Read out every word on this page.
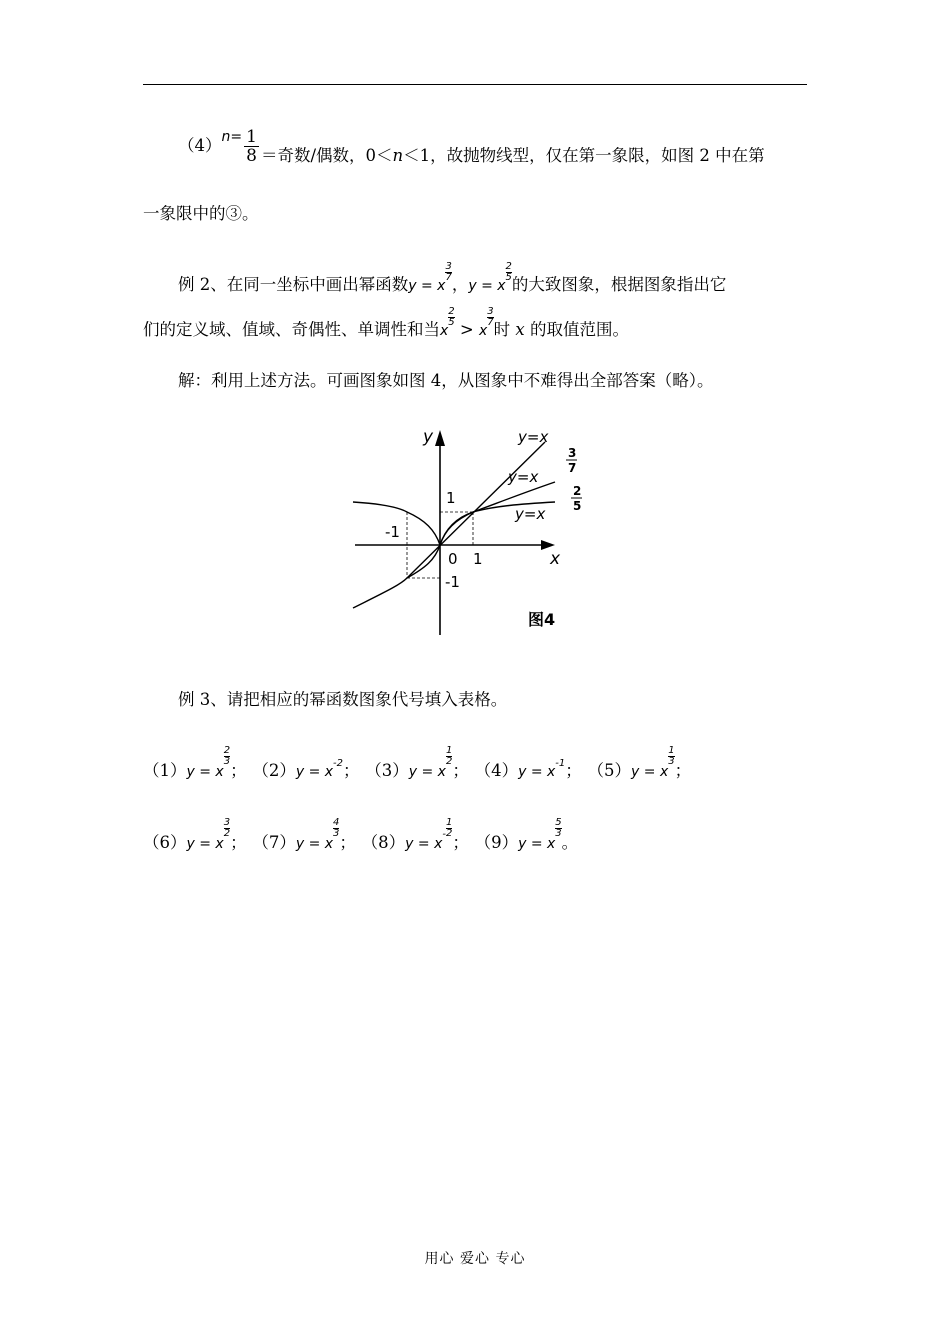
$(4)^{n=} \frac{1}{8}$ ＝奇数/偶数，0＜n＜1，故抛物线型，仅在第一象限，如图 2 中在第
一象限中的③。
例 2、在同一坐标中画出幂函数y = x
$\frac{3}{7}$
，y = x
$\frac{2}{5}$
的大致图象，根据图象指出它
们的定义域、值域、奇偶性、单调性和当x
$\frac{2}{5}$
> x
$\frac{3}{7}$
时 x 的取值范围。
解：利用上述方法。可画图象如图 4，从图象中不难得出全部答案（略）。
y
x
1
-1
0 1
-1
y=x
y=x
3
7
y=x
2
5
图4
例 3、请把相应的幂函数图象代号填入表格。
（1）y = x
$\frac{2}{3}$
； （2）y = x-2； （3）y = x
$\frac{1}{2}$
； （4）y = x-1； （5）y = x
$\frac{1}{3}$
；
（6）y = x
$\frac{3}{2}$
； （7）y = x
$\frac{4}{3}$
； $(8)y = x- \frac{1}{2}$
； （9）y = x
$\frac{5}{3}$
。
用心 爱心 专心
